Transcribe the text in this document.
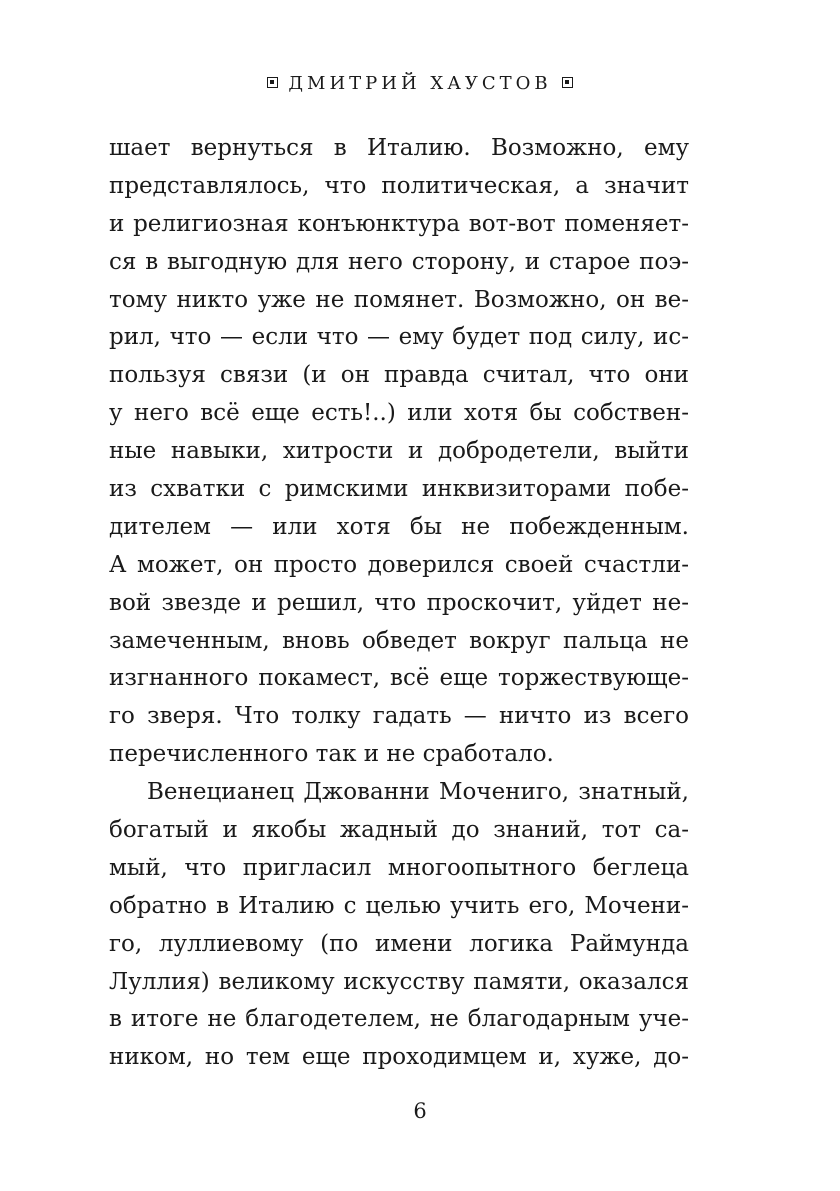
ДМИТРИЙ ХАУСТОВ
шает вернуться в Италию. Возможно, ему
представлялось, что политическая, а значит
и религиозная конъюнктура вот-вот поменяет-
ся в выгодную для него сторону, и старое поэ-
тому никто уже не помянет. Возможно, он ве-
рил, что — если что — ему будет под силу, ис-
пользуя связи (и он правда считал, что они
у него всё еще есть!..) или хотя бы собствен-
ные навыки, хитрости и добродетели, выйти
из схватки с римскими инквизиторами побе-
дителем — или хотя бы не побежденным.
А может, он просто доверился своей счастли-
вой звезде и решил, что проскочит, уйдет не-
замеченным, вновь обведет вокруг пальца не
изгнанного покамест, всё еще торжествующе-
го зверя. Что толку гадать — ничто из всего
перечисленного так и не сработало.
Венецианец Джованни Мочениго, знатный,
богатый и якобы жадный до знаний, тот са-
мый, что пригласил многоопытного беглеца
обратно в Италию с целью учить его, Мочени-
го, луллиевому (по имени логика Раймунда
Луллия) великому искусству памяти, оказался
в итоге не благодетелем, не благодарным уче-
ником, но тем еще проходимцем и, хуже, до-
6
